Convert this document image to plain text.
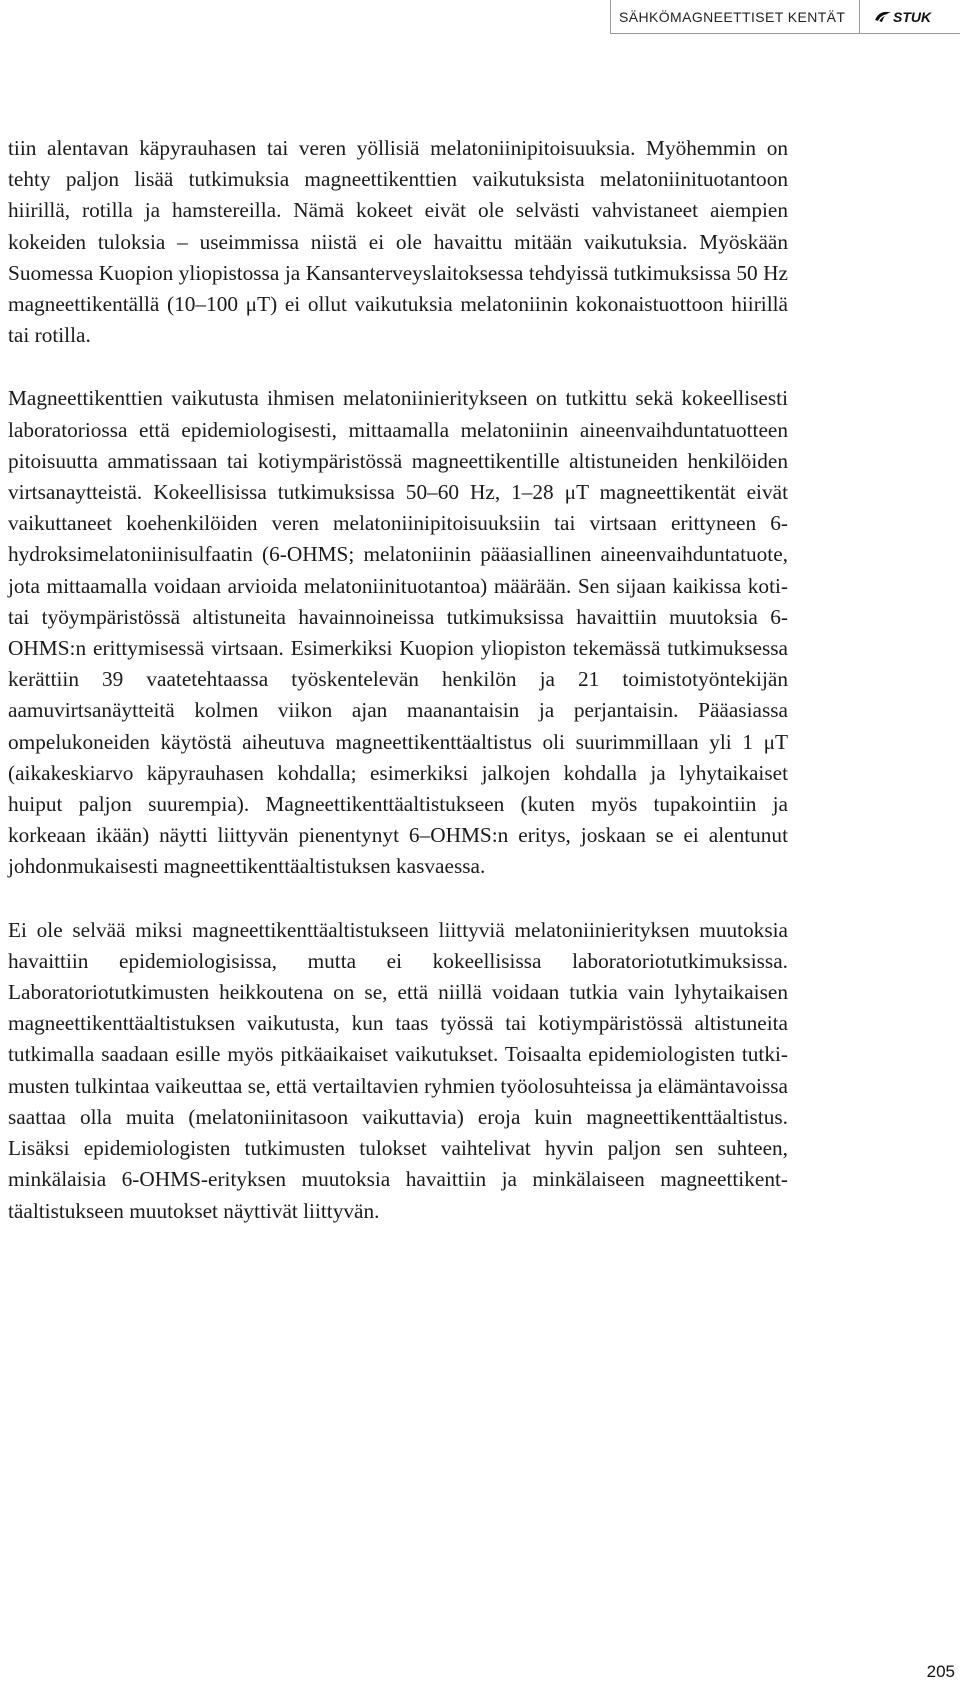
SÄHKÖMAGNEETTISET KENTÄT	STUK

tiin alentavan käpyrauhasen tai veren yöllisiä melatoniinipitoisuuksia. Myöhemmin on tehty paljon lisää tutkimuksia magneettikenttien vaikutuksista melatoniinituotantoon hiirillä, rotilla ja hamstereilla. Nämä kokeet eivät ole selvästi vahvistaneet aiempien kokeiden tuloksia – useimmissa niistä ei ole havaittu mitään vaikutuksia. Myöskään Suomessa Kuopion yliopistossa ja Kansanterveyslaitoksessa tehdyissä tutkimuksissa 50 Hz magneettikentällä (10–100 μT) ei ollut vaikutuksia melatoniinin kokonaistuottoon hiirillä tai rotilla.

Magneettikenttien vaikutusta ihmisen melatoniinieritykseen on tutkittu sekä kokeellisesti laboratoriossa että epidemiologisesti, mittaamalla melatoniinin aineenvaihduntatuotteen pitoisuutta ammatissaan tai kotiympäristössä magneettikentille altistuneiden henkilöiden virtsanaytteistä. Kokeellisissa tutkimuksissa 50–60 Hz, 1–28 μT magneettikentät eivät vaikuttaneet koehenkilöiden veren melatoniinipitoisuuksiin tai virtsaan erittyneen 6-hydroksimelatoniinisulfaatin (6-OHMS; melatoniinin pääasiallinen aineenvaihduntatuote, jota mittaamalla voidaan arvioida melatoniinituotantoa) määrään. Sen sijaan kaikissa koti- tai työympäristössä altistuneita havainnoineissa tutkimuksissa havaittiin muutoksia 6-OHMS:n erittymisessä virtsaan. Esimerkiksi Kuopion yliopiston tekemässä tutkimuksessa kerättiin 39 vaatetehtaassa työskentelevän henkilön ja 21 toimistotyöntekijän aamuvirtsanäytteitä kolmen viikon ajan maanantaisin ja perjantaisin. Pääasiassa ompelukoneiden käytöstä aiheutuva magneettikenttäaltistus oli suurimmillaan yli 1 μT (aikakeskiarvo käpyrauhasen kohdalla; esimerkiksi jalkojen kohdalla ja lyhytaikaiset huiput paljon suurempia). Magneettikenttäaltistukseen (kuten myös tupakointiin ja korkeaan ikään) näytti liittyvän pienentynyt 6–OHMS:n eritys, joskaan se ei alentunut johdonmukaisesti magneettikenttäaltistuksen kasvaessa.

Ei ole selvää miksi magneettikenttäaltistukseen liittyviä melatoniinierityksen muutoksia havaittiin epidemiologisissa, mutta ei kokeellisissa laboratoriotutkimuksissa. Laboratoriotutkimusten heikkoutena on se, että niillä voidaan tutkia vain lyhytaikaisen magneettikenttäaltistuksen vaikutusta, kun taas työssä tai kotiympäristössä altistuneita tutkimalla saadaan esille myös pitkäaikaiset vaikutukset. Toisaalta epidemiologisten tutkimusten tulkintaa vaikeuttaa se, että vertailtavien ryhmien työolosuhteissa ja elämäntavoissa saattaa olla muita (melatoniinitasoon vaikuttavia) eroja kuin magneettikenttäaltistus. Lisäksi epidemiologisten tutkimusten tulokset vaihtelivat hyvin paljon sen suhteen, minkälaisia 6-OHMS-erityksen muutoksia havaittiin ja minkälaiseen magneettikenttäaltistukseen muutokset näyttivät liittyvän.

205
